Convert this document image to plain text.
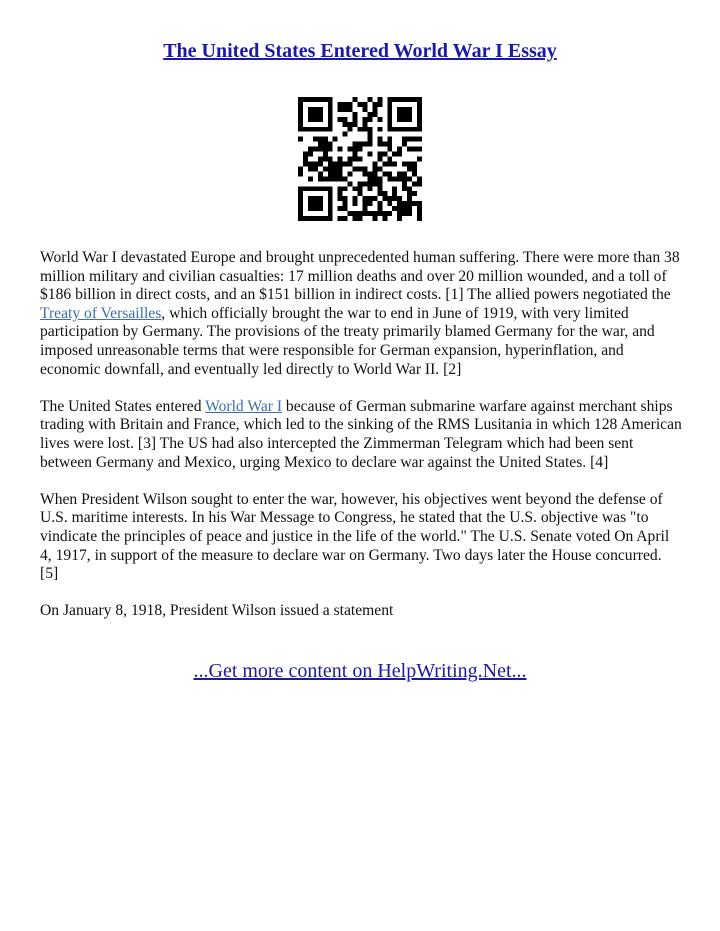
The United States Entered World War I Essay

World War I devastated Europe and brought unprecedented human suffering. There were more than 38 million military and civilian casualties: 17 million deaths and over 20 million wounded, and a toll of $186 billion in direct costs, and an $151 billion in indirect costs. [1] The allied powers negotiated the Treaty of Versailles, which officially brought the war to end in June of 1919, with very limited participation by Germany. The provisions of the treaty primarily blamed Germany for the war, and imposed unreasonable terms that were responsible for German expansion, hyperinflation, and economic downfall, and eventually led directly to World War II. [2]

The United States entered World War I because of German submarine warfare against merchant ships trading with Britain and France, which led to the sinking of the RMS Lusitania in which 128 American lives were lost. [3] The US had also intercepted the Zimmerman Telegram which had been sent between Germany and Mexico, urging Mexico to declare war against the United States. [4]

When President Wilson sought to enter the war, however, his objectives went beyond the defense of U.S. maritime interests. In his War Message to Congress, he stated that the U.S. objective was "to vindicate the principles of peace and justice in the life of the world." The U.S. Senate voted On April 4, 1917, in support of the measure to declare war on Germany. Two days later the House concurred. [5]

On January 8, 1918, President Wilson issued a statement

...Get more content on HelpWriting.Net...
